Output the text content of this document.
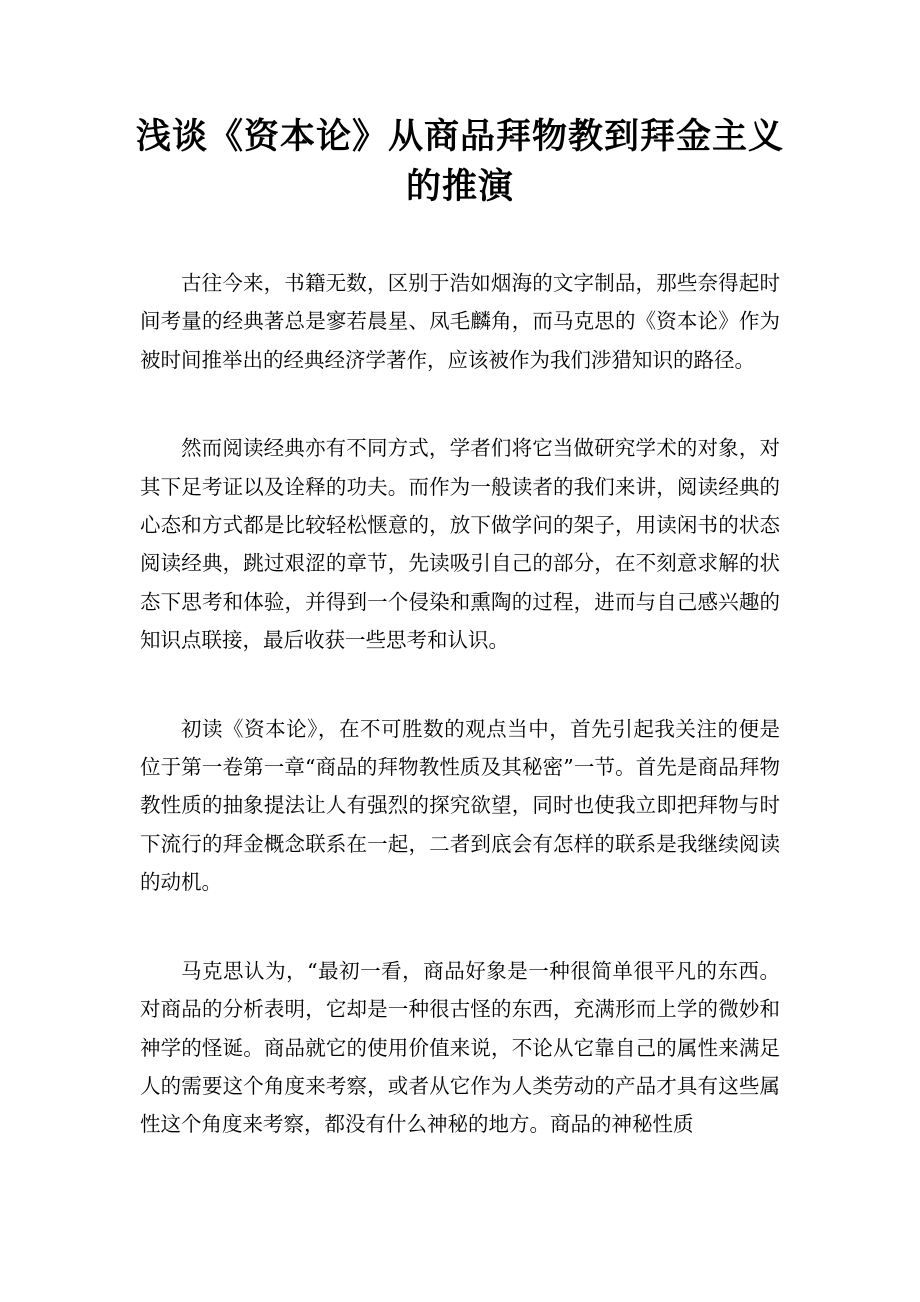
浅谈《资本论》从商品拜物教到拜金主义的推演

古往今来，书籍无数，区别于浩如烟海的文字制品，那些奈得起时间考量的经典著总是寥若晨星、凤毛麟角，而马克思的《资本论》作为被时间推举出的经典经济学著作，应该被作为我们涉猎知识的路径。

然而阅读经典亦有不同方式，学者们将它当做研究学术的对象，对其下足考证以及诠释的功夫。而作为一般读者的我们来讲，阅读经典的心态和方式都是比较轻松惬意的，放下做学问的架子，用读闲书的状态阅读经典，跳过艰涩的章节，先读吸引自己的部分，在不刻意求解的状态下思考和体验，并得到一个侵染和熏陶的过程，进而与自己感兴趣的知识点联接，最后收获一些思考和认识。

初读《资本论》，在不可胜数的观点当中，首先引起我关注的便是位于第一卷第一章“商品的拜物教性质及其秘密”一节。首先是商品拜物教性质的抽象提法让人有强烈的探究欲望，同时也使我立即把拜物与时下流行的拜金概念联系在一起，二者到底会有怎样的联系是我继续阅读的动机。

马克思认为，“最初一看，商品好象是一种很简单很平凡的东西。对商品的分析表明，它却是一种很古怪的东西，充满形而上学的微妙和神学的怪诞。商品就它的使用价值来说，不论从它靠自己的属性来满足人的需要这个角度来考察，或者从它作为人类劳动的产品才具有这些属性这个角度来考察，都没有什么神秘的地方。商品的神秘性质
